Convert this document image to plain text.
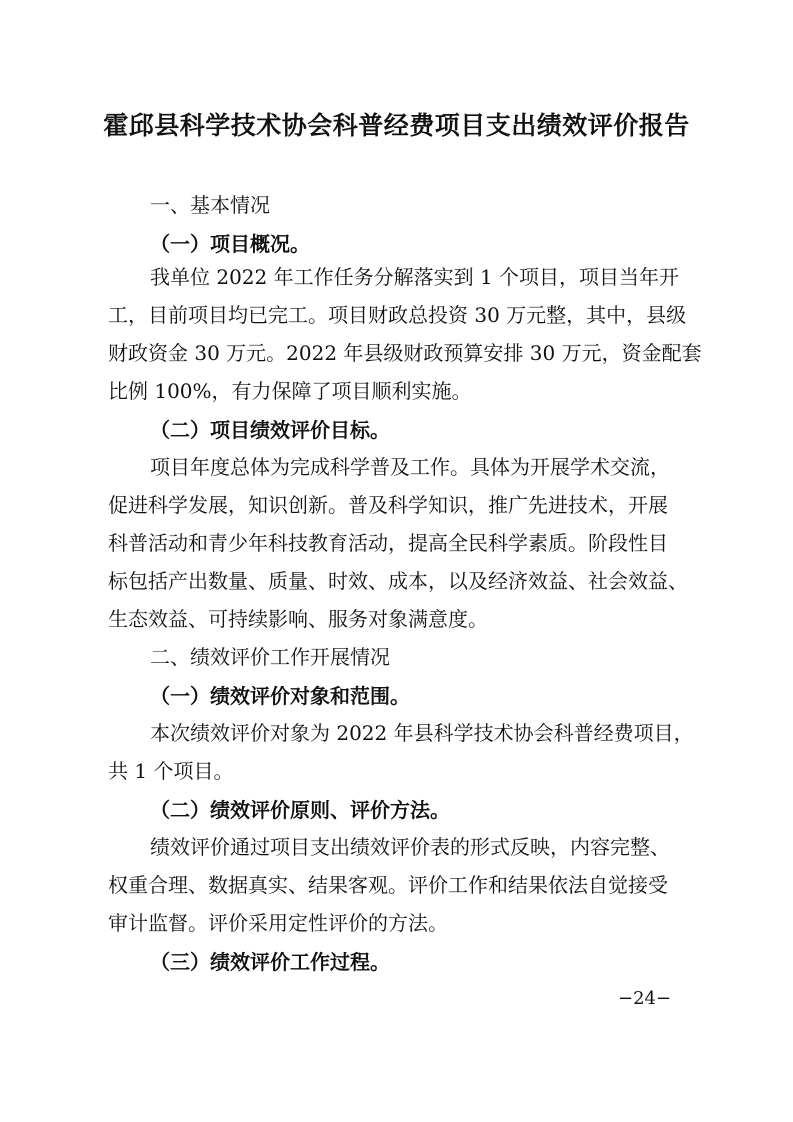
霍邱县科学技术协会科普经费项目支出绩效评价报告

一、基本情况

（一）项目概况。

我单位 2022 年工作任务分解落实到 1 个项目，项目当年开

工，目前项目均已完工。项目财政总投资 30 万元整，其中，县级

财政资金 30 万元。2022 年县级财政预算安排 30 万元，资金配套

比例 100%，有力保障了项目顺利实施。

（二）项目绩效评价目标。

项目年度总体为完成科学普及工作。具体为开展学术交流，

促进科学发展，知识创新。普及科学知识，推广先进技术，开展

科普活动和青少年科技教育活动，提高全民科学素质。阶段性目

标包括产出数量、质量、时效、成本，以及经济效益、社会效益、

生态效益、可持续影响、服务对象满意度。

二、绩效评价工作开展情况

（一）绩效评价对象和范围。

本次绩效评价对象为 2022 年县科学技术协会科普经费项目，

共 1 个项目。

（二）绩效评价原则、评价方法。

绩效评价通过项目支出绩效评价表的形式反映，内容完整、

权重合理、数据真实、结果客观。评价工作和结果依法自觉接受

审计监督。评价采用定性评价的方法。

（三）绩效评价工作过程。

−24−
